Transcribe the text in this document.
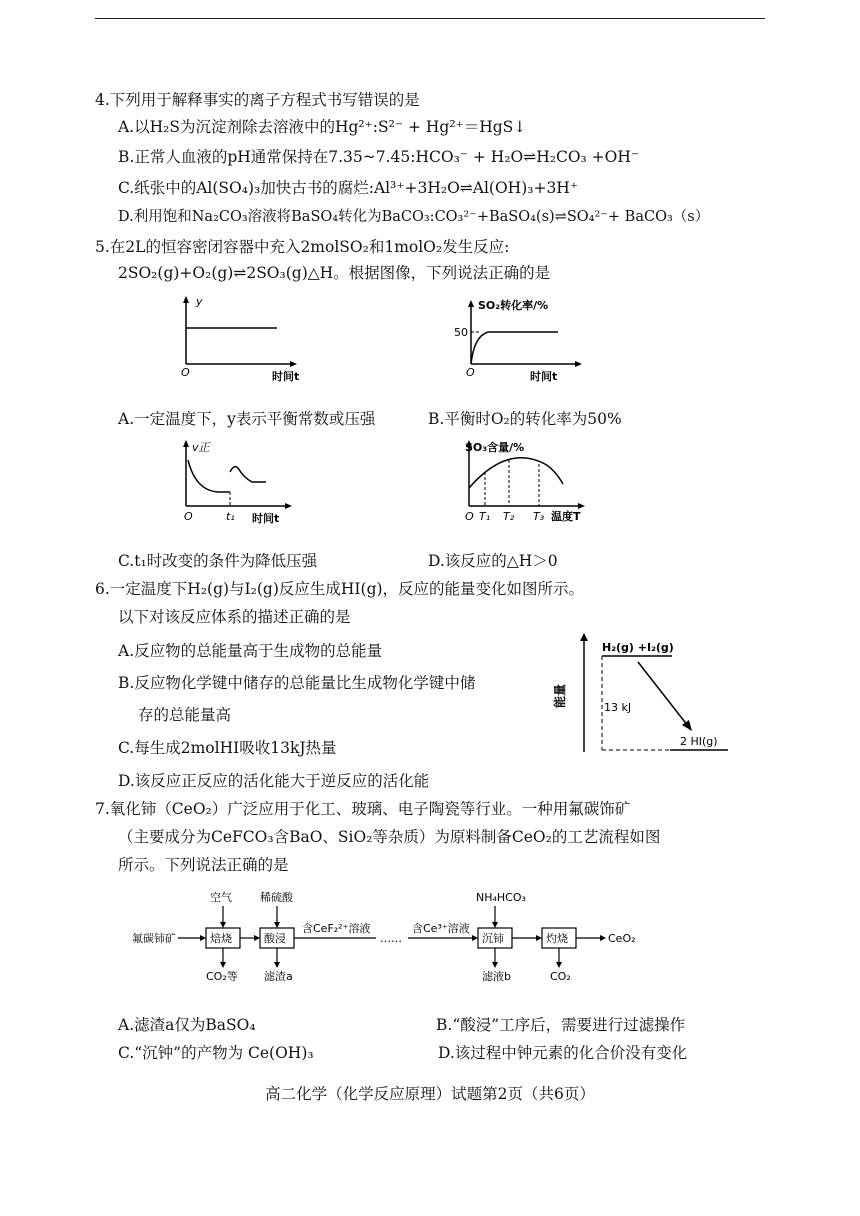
4.下列用于解释事实的离子方程式书写错误的是
A.以H₂S为沉淀剂除去溶液中的Hg²⁺:S²⁻ + Hg²⁺＝HgS↓
B.正常人血液的pH通常保持在7.35~7.45:HCO₃⁻ + H₂O⇌H₂CO₃ +OH⁻
C.纸张中的Al(SO₄)₃加快古书的腐烂:Al³⁺+3H₂O⇌Al(OH)₃+3H⁺
D.利用饱和Na₂CO₃溶液将BaSO₄转化为BaCO₃:CO₃²⁻+BaSO₄(s)⇌SO₄²⁻+ BaCO₃（s）
5.在2L的恒容密闭容器中充入2molSO₂和1molO₂发生反应:
2SO₂(g)+O₂(g)⇌2SO₃(g)△H。根据图像，下列说法正确的是
y
O	时间t
SO₂转化率/%
50
O	时间t
A.一定温度下，y表示平衡常数或压强	B.平衡时O₂的转化率为50%
v正
O	t₁ 时间t
SO₃含量/%
O T₁ T₂ T₃ 温度T
C.t₁时改变的条件为降低压强	D.该反应的△H＞0
6.一定温度下H₂(g)与I₂(g)反应生成HI(g)，反应的能量变化如图所示。
以下对该反应体系的描述正确的是
A.反应物的总能量高于生成物的总能量
B.反应物化学键中储存的总能量比生成物化学键中储
存的总能量高
C.每生成2molHI吸收13kJ热量
D.该反应正反应的活化能大于逆反应的活化能
H₂(g) +I₂(g)
13 kJ
2 HI(g)
能量
7.氧化铈（CeO₂）广泛应用于化工、玻璃、电子陶瓷等行业。一种用氟碳饰矿
（主要成分为CeFCO₃含BaO、SiO₂等杂质）为原料制备CeO₂的工艺流程如图
所示。下列说法正确的是
氟碳铈矿	焙烧
空气
CO₂等
酸浸
稀硫酸
滤渣a
含CeF₂²⁺溶液
……
含Ce³⁺溶液
沉铈
NH₄HCO₃
滤液b
灼烧
CO₂
CeO₂
A.滤渣a仅为BaSO₄	B.“酸浸”工序后，需要进行过滤操作
C.“沉钟”的产物为 Ce(OH)₃	D.该过程中钟元素的化合价没有变化
高二化学（化学反应原理）试题第2页（共6页）
